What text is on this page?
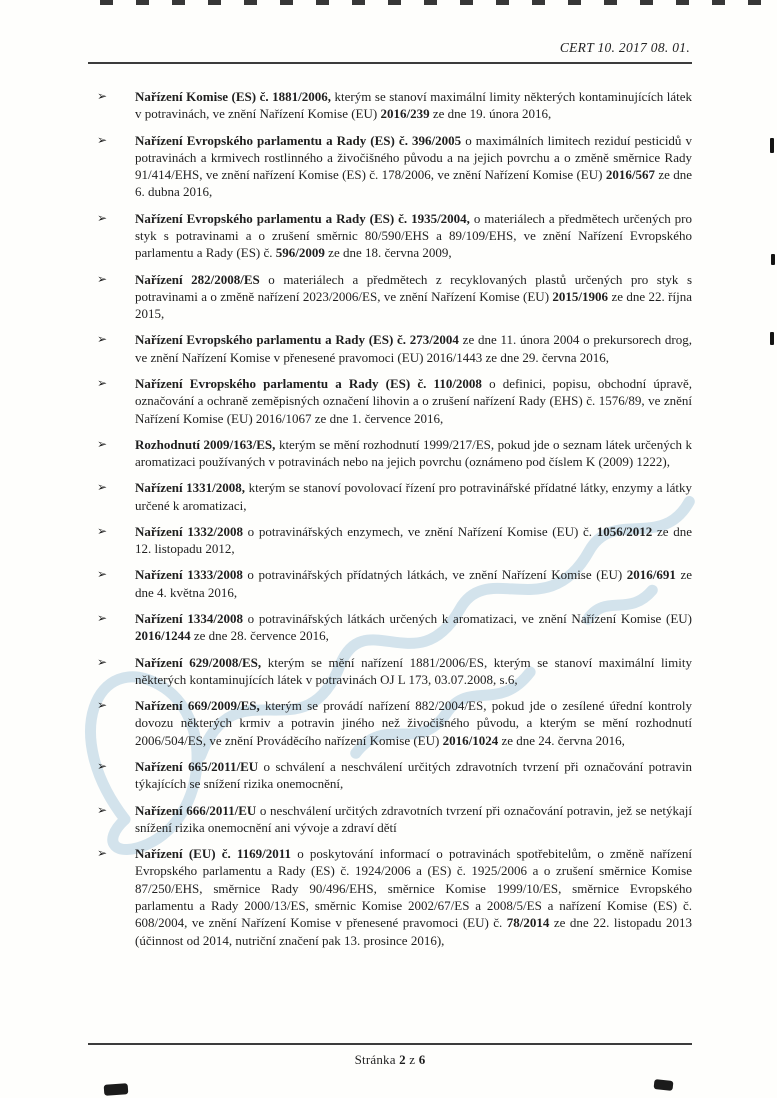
CERT 10. 2017 08. 01.
➢	Nařízení Komise (ES) č. 1881/2006, kterým se stanoví maximální limity některých kontaminujících látek v potravinách, ve znění Nařízení Komise (EU) 2016/239 ze dne 19. února 2016,
➢	Nařízení Evropského parlamentu a Rady (ES) č. 396/2005 o maximálních limitech reziduí pesticidů v potravinách a krmivech rostlinného a živočišného původu a na jejich povrchu a o změně směrnice Rady 91/414/EHS, ve znění nařízení Komise (ES) č. 178/2006, ve znění Nařízení Komise (EU) 2016/567 ze dne 6. dubna 2016,
➢	Nařízení Evropského parlamentu a Rady (ES) č. 1935/2004, o materiálech a předmětech určených pro styk s potravinami a o zrušení směrnic 80/590/EHS a 89/109/EHS, ve znění Nařízení Evropského parlamentu a Rady (ES) č. 596/2009 ze dne 18. června 2009,
➢	Nařízení 282/2008/ES o materiálech a předmětech z recyklovaných plastů určených pro styk s potravinami a o změně nařízení 2023/2006/ES, ve znění Nařízení Komise (EU) 2015/1906 ze dne 22. října 2015,
➢	Nařízení Evropského parlamentu a Rady (ES) č. 273/2004 ze dne 11. února 2004 o prekursorech drog, ve znění Nařízení Komise v přenesené pravomoci (EU) 2016/1443 ze dne 29. června 2016,
➢	Nařízení Evropského parlamentu a Rady (ES) č. 110/2008 o definici, popisu, obchodní úpravě, označování a ochraně zeměpisných označení lihovin a o zrušení nařízení Rady (EHS) č. 1576/89, ve znění Nařízení Komise (EU) 2016/1067 ze dne 1. července 2016,
➢	Rozhodnutí 2009/163/ES, kterým se mění rozhodnutí 1999/217/ES, pokud jde o seznam látek určených k aromatizaci používaných v potravinách nebo na jejich povrchu (oznámeno pod číslem K (2009) 1222),
➢	Nařízení 1331/2008, kterým se stanoví povolovací řízení pro potravinářské přídatné látky, enzymy a látky určené k aromatizaci,
➢	Nařízení 1332/2008 o potravinářských enzymech, ve znění Nařízení Komise (EU) č. 1056/2012 ze dne 12. listopadu 2012,
➢	Nařízení 1333/2008 o potravinářských přídatných látkách, ve znění Nařízení Komise (EU) 2016/691 ze dne 4. května 2016,
➢	Nařízení 1334/2008 o potravinářských látkách určených k aromatizaci, ve znění Nařízení Komise (EU) 2016/1244 ze dne 28. července 2016,
➢	Nařízení 629/2008/ES, kterým se mění nařízení 1881/2006/ES, kterým se stanoví maximální limity některých kontaminujících látek v potravinách OJ L 173, 03.07.2008, s.6,
➢	Nařízení 669/2009/ES, kterým se provádí nařízení 882/2004/ES, pokud jde o zesílené úřední kontroly dovozu některých krmiv a potravin jiného než živočišného původu, a kterým se mění rozhodnutí 2006/504/ES, ve znění Prováděcího nařízení Komise (EU) 2016/1024 ze dne 24. června 2016,
➢	Nařízení 665/2011/EU o schválení a neschválení určitých zdravotních tvrzení při označování potravin týkajících se snížení rizika onemocnění,
➢	Nařízení 666/2011/EU o neschválení určitých zdravotních tvrzení při označování potravin, jež se netýkají snížení rizika onemocnění ani vývoje a zdraví dětí
➢	Nařízení (EU) č. 1169/2011 o poskytování informací o potravinách spotřebitelům, o změně nařízení Evropského parlamentu a Rady (ES) č. 1924/2006 a (ES) č. 1925/2006 a o zrušení směrnice Komise 87/250/EHS, směrnice Rady 90/496/EHS, směrnice Komise 1999/10/ES, směrnice Evropského parlamentu a Rady 2000/13/ES, směrnic Komise 2002/67/ES a 2008/5/ES a nařízení Komise (ES) č. 608/2004, ve znění Nařízení Komise v přenesené pravomoci (EU) č. 78/2014 ze dne 22. listopadu 2013 (účinnost od 2014, nutriční značení pak 13. prosince 2016),
Stránka 2 z 6
